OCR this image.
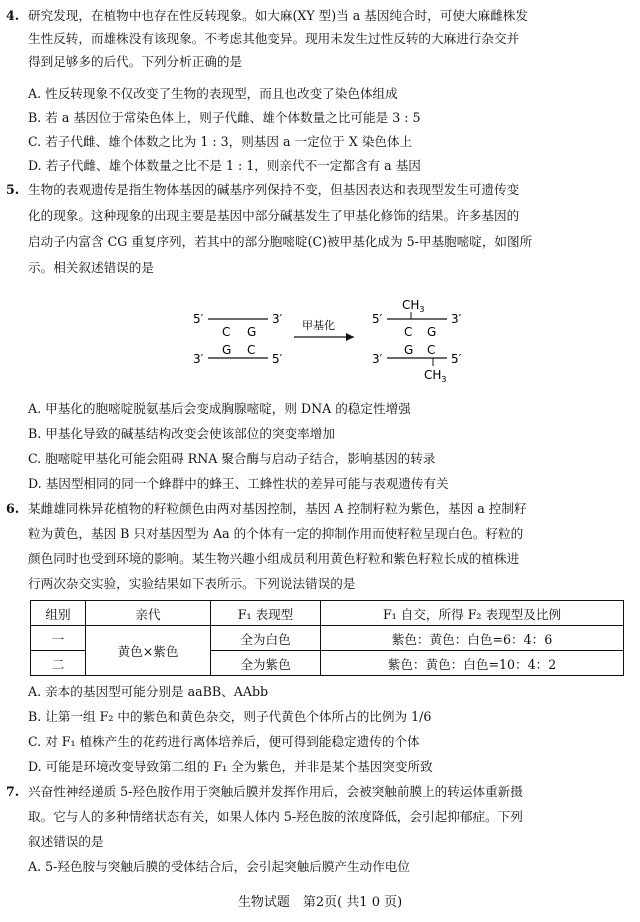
4. 研究发现，在植物中也存在性反转现象。如大麻(XY 型)当 a 基因纯合时，可使大麻雌株发
生性反转，而雄株没有该现象。不考虑其他变异。现用未发生过性反转的大麻进行杂交并
得到足够多的后代。下列分析正确的是
A. 性反转现象不仅改变了生物的表现型，而且也改变了染色体组成
B. 若 a 基因位于常染色体上，则子代雌、雄个体数量之比可能是 3 : 5
C. 若子代雌、雄个体数之比为 1 : 3，则基因 a 一定位于 X 染色体上
D. 若子代雌、雄个体数量之比不是 1 : 1，则亲代不一定都含有 a 基因
5. 生物的表观遗传是指生物体基因的碱基序列保持不变，但基因表达和表现型发生可遗传变
化的现象。这种现象的出现主要是基因中部分碱基发生了甲基化修饰的结果。许多基因的
启动子内富含 CG 重复序列，若其中的部分胞嘧啶(C)被甲基化成为 5-甲基胞嘧啶，如图所
示。相关叙述错误的是
5′	3′
C G
G C
3′	5′
甲基化
$CH_3$
5′	3′
C G
G C
3′	5′
$CH_3$
A. 甲基化的胞嘧啶脱氨基后会变成胸腺嘧啶，则 DNA 的稳定性增强
B. 甲基化导致的碱基结构改变会使该部位的突变率增加
C. 胞嘧啶甲基化可能会阻碍 RNA 聚合酶与启动子结合，影响基因的转录
D. 基因型相同的同一个蜂群中的蜂王、工蜂性状的差异可能与表观遗传有关
6. 某雌雄同株异花植物的籽粒颜色由两对基因控制，基因 A 控制籽粒为紫色，基因 a 控制籽
粒为黄色，基因 B 只对基因型为 Aa 的个体有一定的抑制作用而使籽粒呈现白色。籽粒的
颜色同时也受到环境的影响。某生物兴趣小组成员利用黄色籽粒和紫色籽粒长成的植株进
行两次杂交实验，实验结果如下表所示。下列说法错误的是
组别	亲代	F₁ 表现型	F₁ 自交，所得 F₂ 表现型及比例
一	黄色×紫色	全为白色	紫色：黄色：白色=6：4：6
二		全为紫色	紫色：黄色：白色=10：4：2
A. 亲本的基因型可能分别是 aaBB、AAbb
B. 让第一组 F₂ 中的紫色和黄色杂交，则子代黄色个体所占的比例为 1/6
C. 对 F₁ 植株产生的花药进行离体培养后，便可得到能稳定遗传的个体
D. 可能是环境改变导致第二组的 F₁ 全为紫色，并非是某个基因突变所致
7. 兴奋性神经递质 5-羟色胺作用于突触后膜并发挥作用后，会被突触前膜上的转运体重新摄
取。它与人的多种情绪状态有关，如果人体内 5-羟色胺的浓度降低，会引起抑郁症。下列
叙述错误的是
A. 5-羟色胺与突触后膜的受体结合后，会引起突触后膜产生动作电位
生物试题　第2页( 共1 0 页)
